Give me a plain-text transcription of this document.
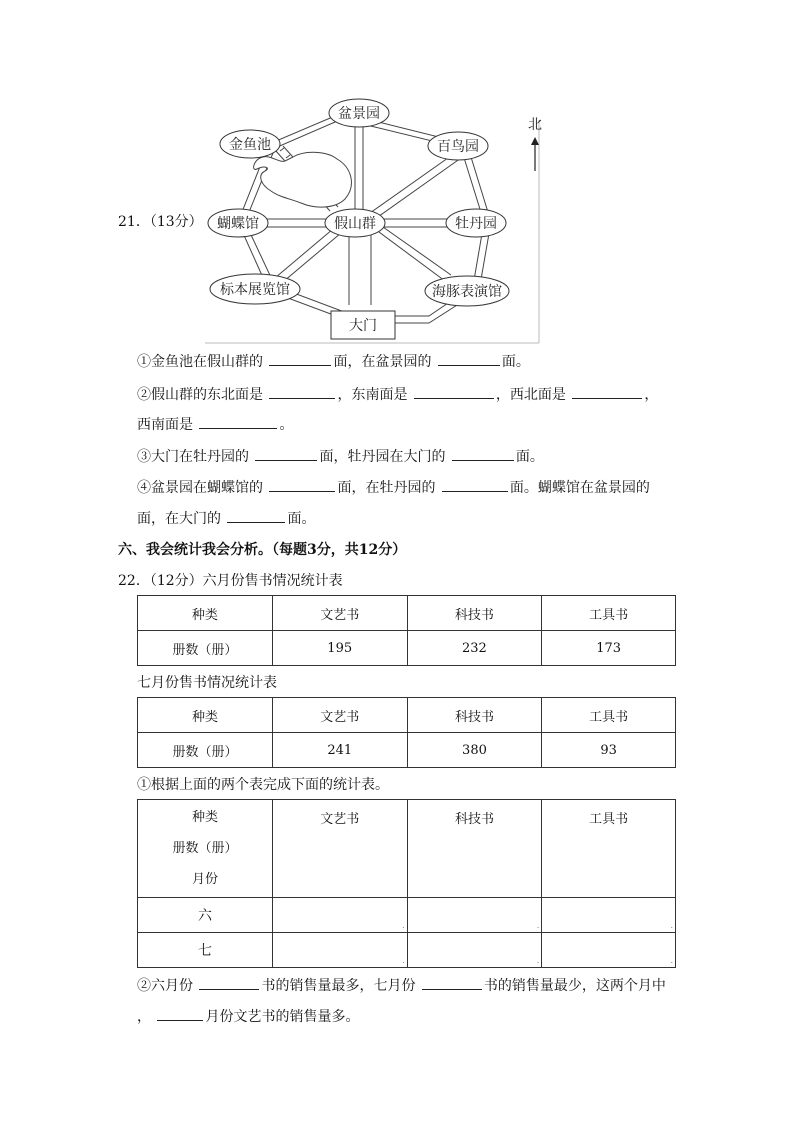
21．（13分）
盆景园
金鱼池	百鸟园
蝴蝶馆	假山群	牡丹园
标本展览馆	海豚表演馆
大门
北
①金鱼池在假山群的	面，在盆景园的	面。
②假山群的东北面是	，东南面是	，西北面是	，
西南面是	。
③大门在牡丹园的	面，牡丹园在大门的	面。
④盆景园在蝴蝶馆的	面，在牡丹园的	面。蝴蝶馆在盆景园的
面，在大门的	面。
六、我会统计我会分析。（每题3分，共12分）
22．（12分）六月份售书情况统计表
种类	文艺书	科技书	工具书
册数（册）	195	232	173
七月份售书情况统计表
种类	文艺书	科技书	工具书
册数（册）	241	380	93
①根据上面的两个表完成下面的统计表。
种类
册数（册）
月份	文艺书	科技书	工具书
六	.	.	.

七	.	.	.
②六月份	书的销售量最多，七月份	书的销售量最少，这两个月中
，	月份文艺书的销售量多。
